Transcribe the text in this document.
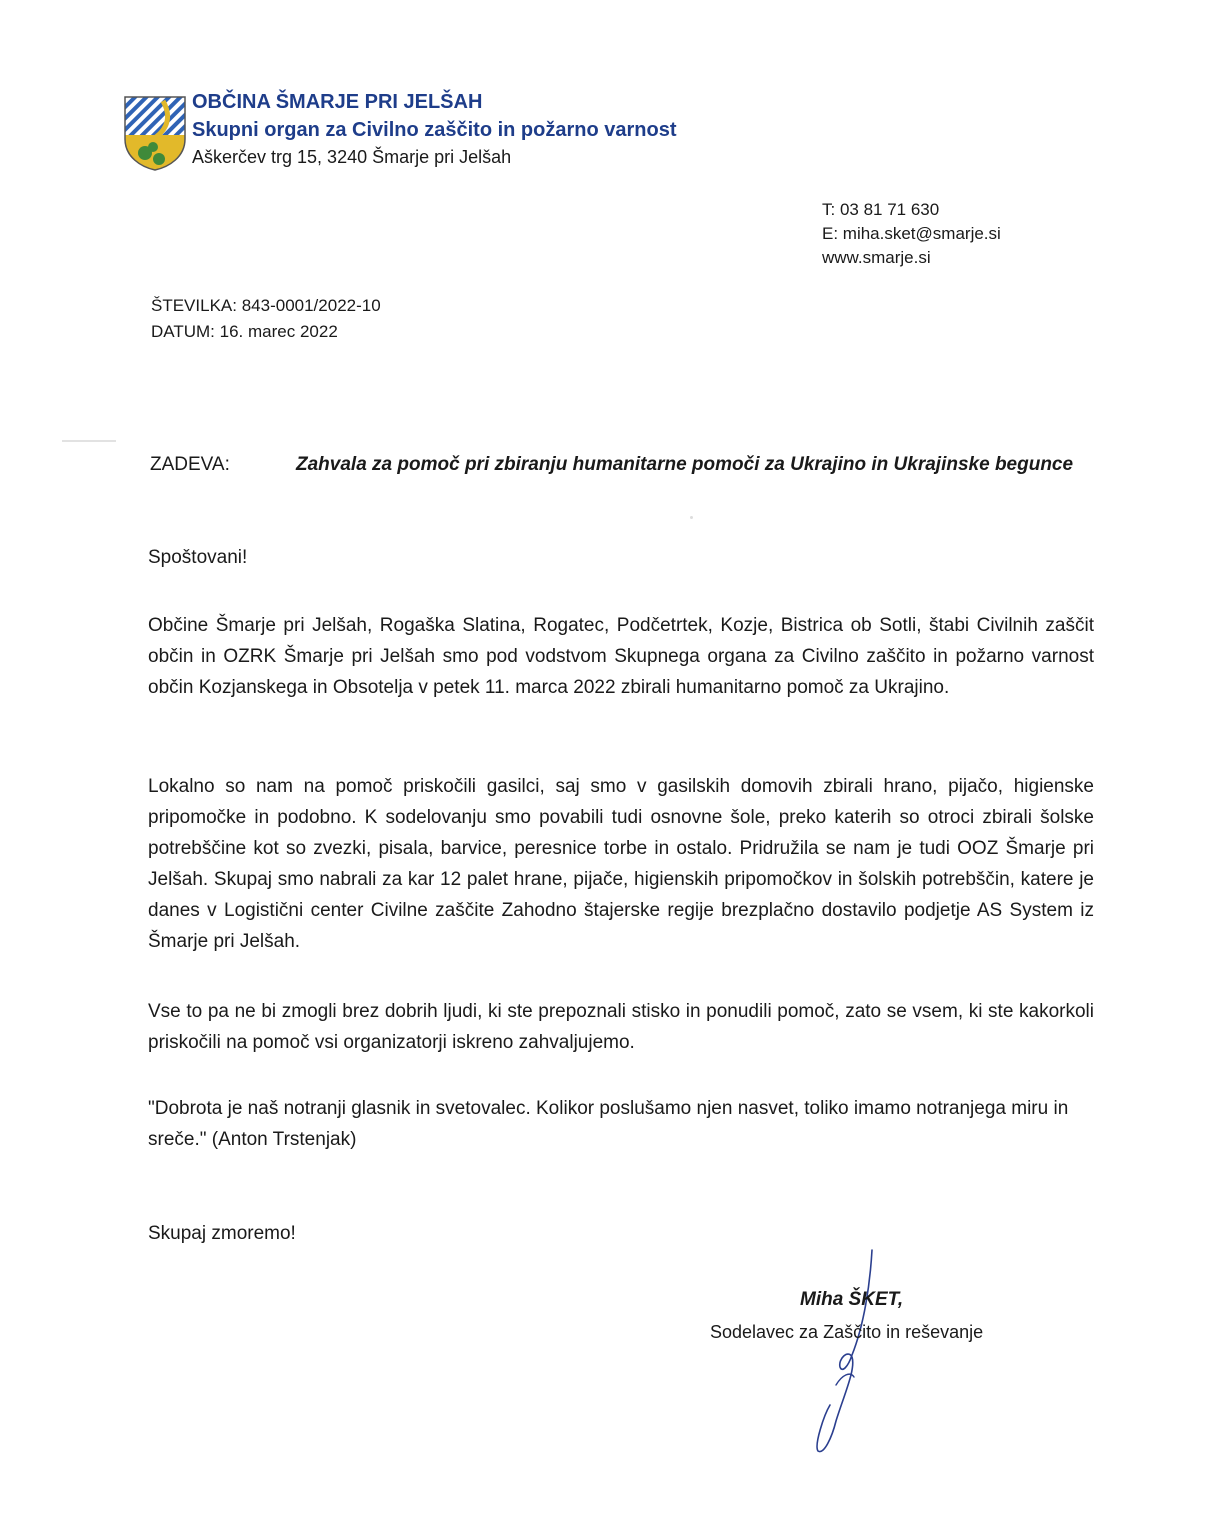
OBČINA ŠMARJE PRI JELŠAH
Skupni organ za Civilno zaščito in požarno varnost
Aškerčev trg 15, 3240 Šmarje pri Jelšah
T: 03 81 71 630
E: miha.sket@smarje.si
www.smarje.si
ŠTEVILKA: 843-0001/2022-10
DATUM: 16. marec 2022
ZADEVA:	Zahvala za pomoč pri zbiranju humanitarne pomoči za Ukrajino in Ukrajinske begunce
Spoštovani!
Občine Šmarje pri Jelšah, Rogaška Slatina, Rogatec, Podčetrtek, Kozje, Bistrica ob Sotli, štabi Civilnih zaščit občin in OZRK Šmarje pri Jelšah smo pod vodstvom Skupnega organa za Civilno zaščito in požarno varnost občin Kozjanskega in Obsotelja v petek 11. marca 2022 zbirali humanitarno pomoč za Ukrajino.
Lokalno so nam na pomoč priskočili gasilci, saj smo v gasilskih domovih zbirali hrano, pijačo, higienske pripomočke in podobno. K sodelovanju smo povabili tudi osnovne šole, preko katerih so otroci zbirali šolske potrebščine kot so zvezki, pisala, barvice, peresnice torbe in ostalo. Pridružila se nam je tudi OOZ Šmarje pri Jelšah. Skupaj smo nabrali za kar 12 palet hrane, pijače, higienskih pripomočkov in šolskih potrebščin, katere je danes v Logistični center Civilne zaščite Zahodno štajerske regije brezplačno dostavilo podjetje AS System iz Šmarje pri Jelšah.
Vse to pa ne bi zmogli brez dobrih ljudi, ki ste prepoznali stisko in ponudili pomoč, zato se vsem, ki ste kakorkoli priskočili na pomoč vsi organizatorji iskreno zahvaljujemo.
"Dobrota je naš notranji glasnik in svetovalec. Kolikor poslušamo njen nasvet, toliko imamo notranjega miru in sreče." (Anton Trstenjak)
Skupaj zmoremo!
Miha ŠKET,
Sodelavec za Zaščito in reševanje
